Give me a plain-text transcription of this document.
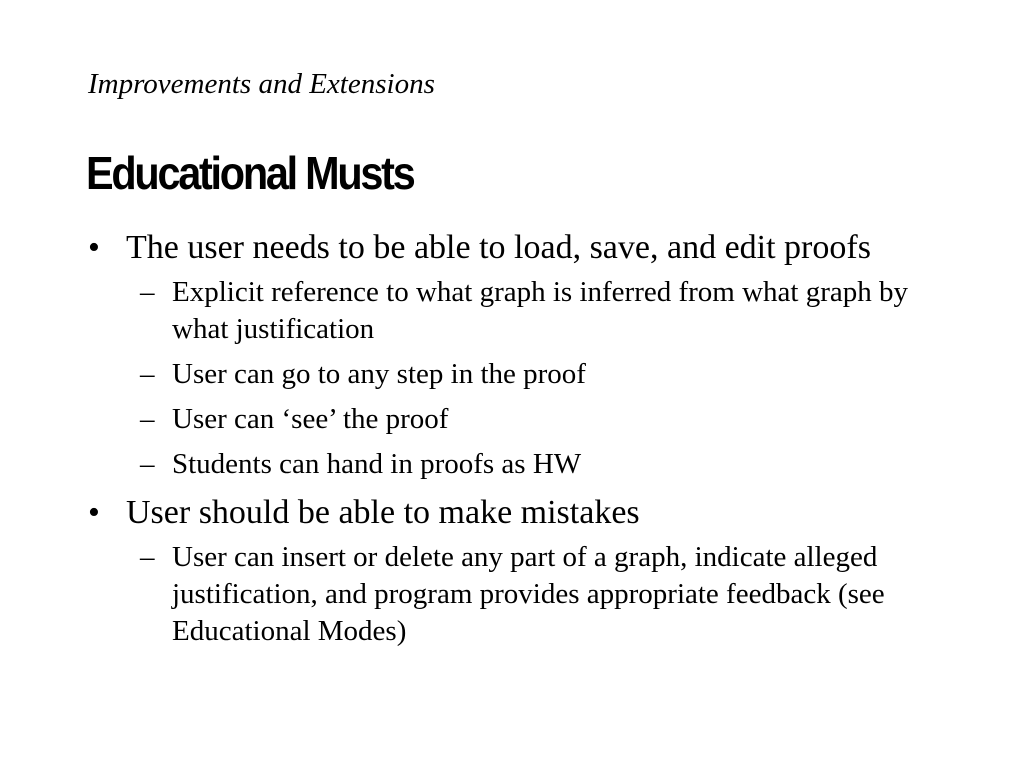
Improvements and Extensions
Educational Musts
• The user needs to be able to load, save, and edit proofs
– Explicit reference to what graph is inferred from what graph by what justification
– User can go to any step in the proof
– User can ‘see’ the proof
– Students can hand in proofs as HW
• User should be able to make mistakes
– User can insert or delete any part of a graph, indicate alleged justification, and program provides appropriate feedback (see Educational Modes)
